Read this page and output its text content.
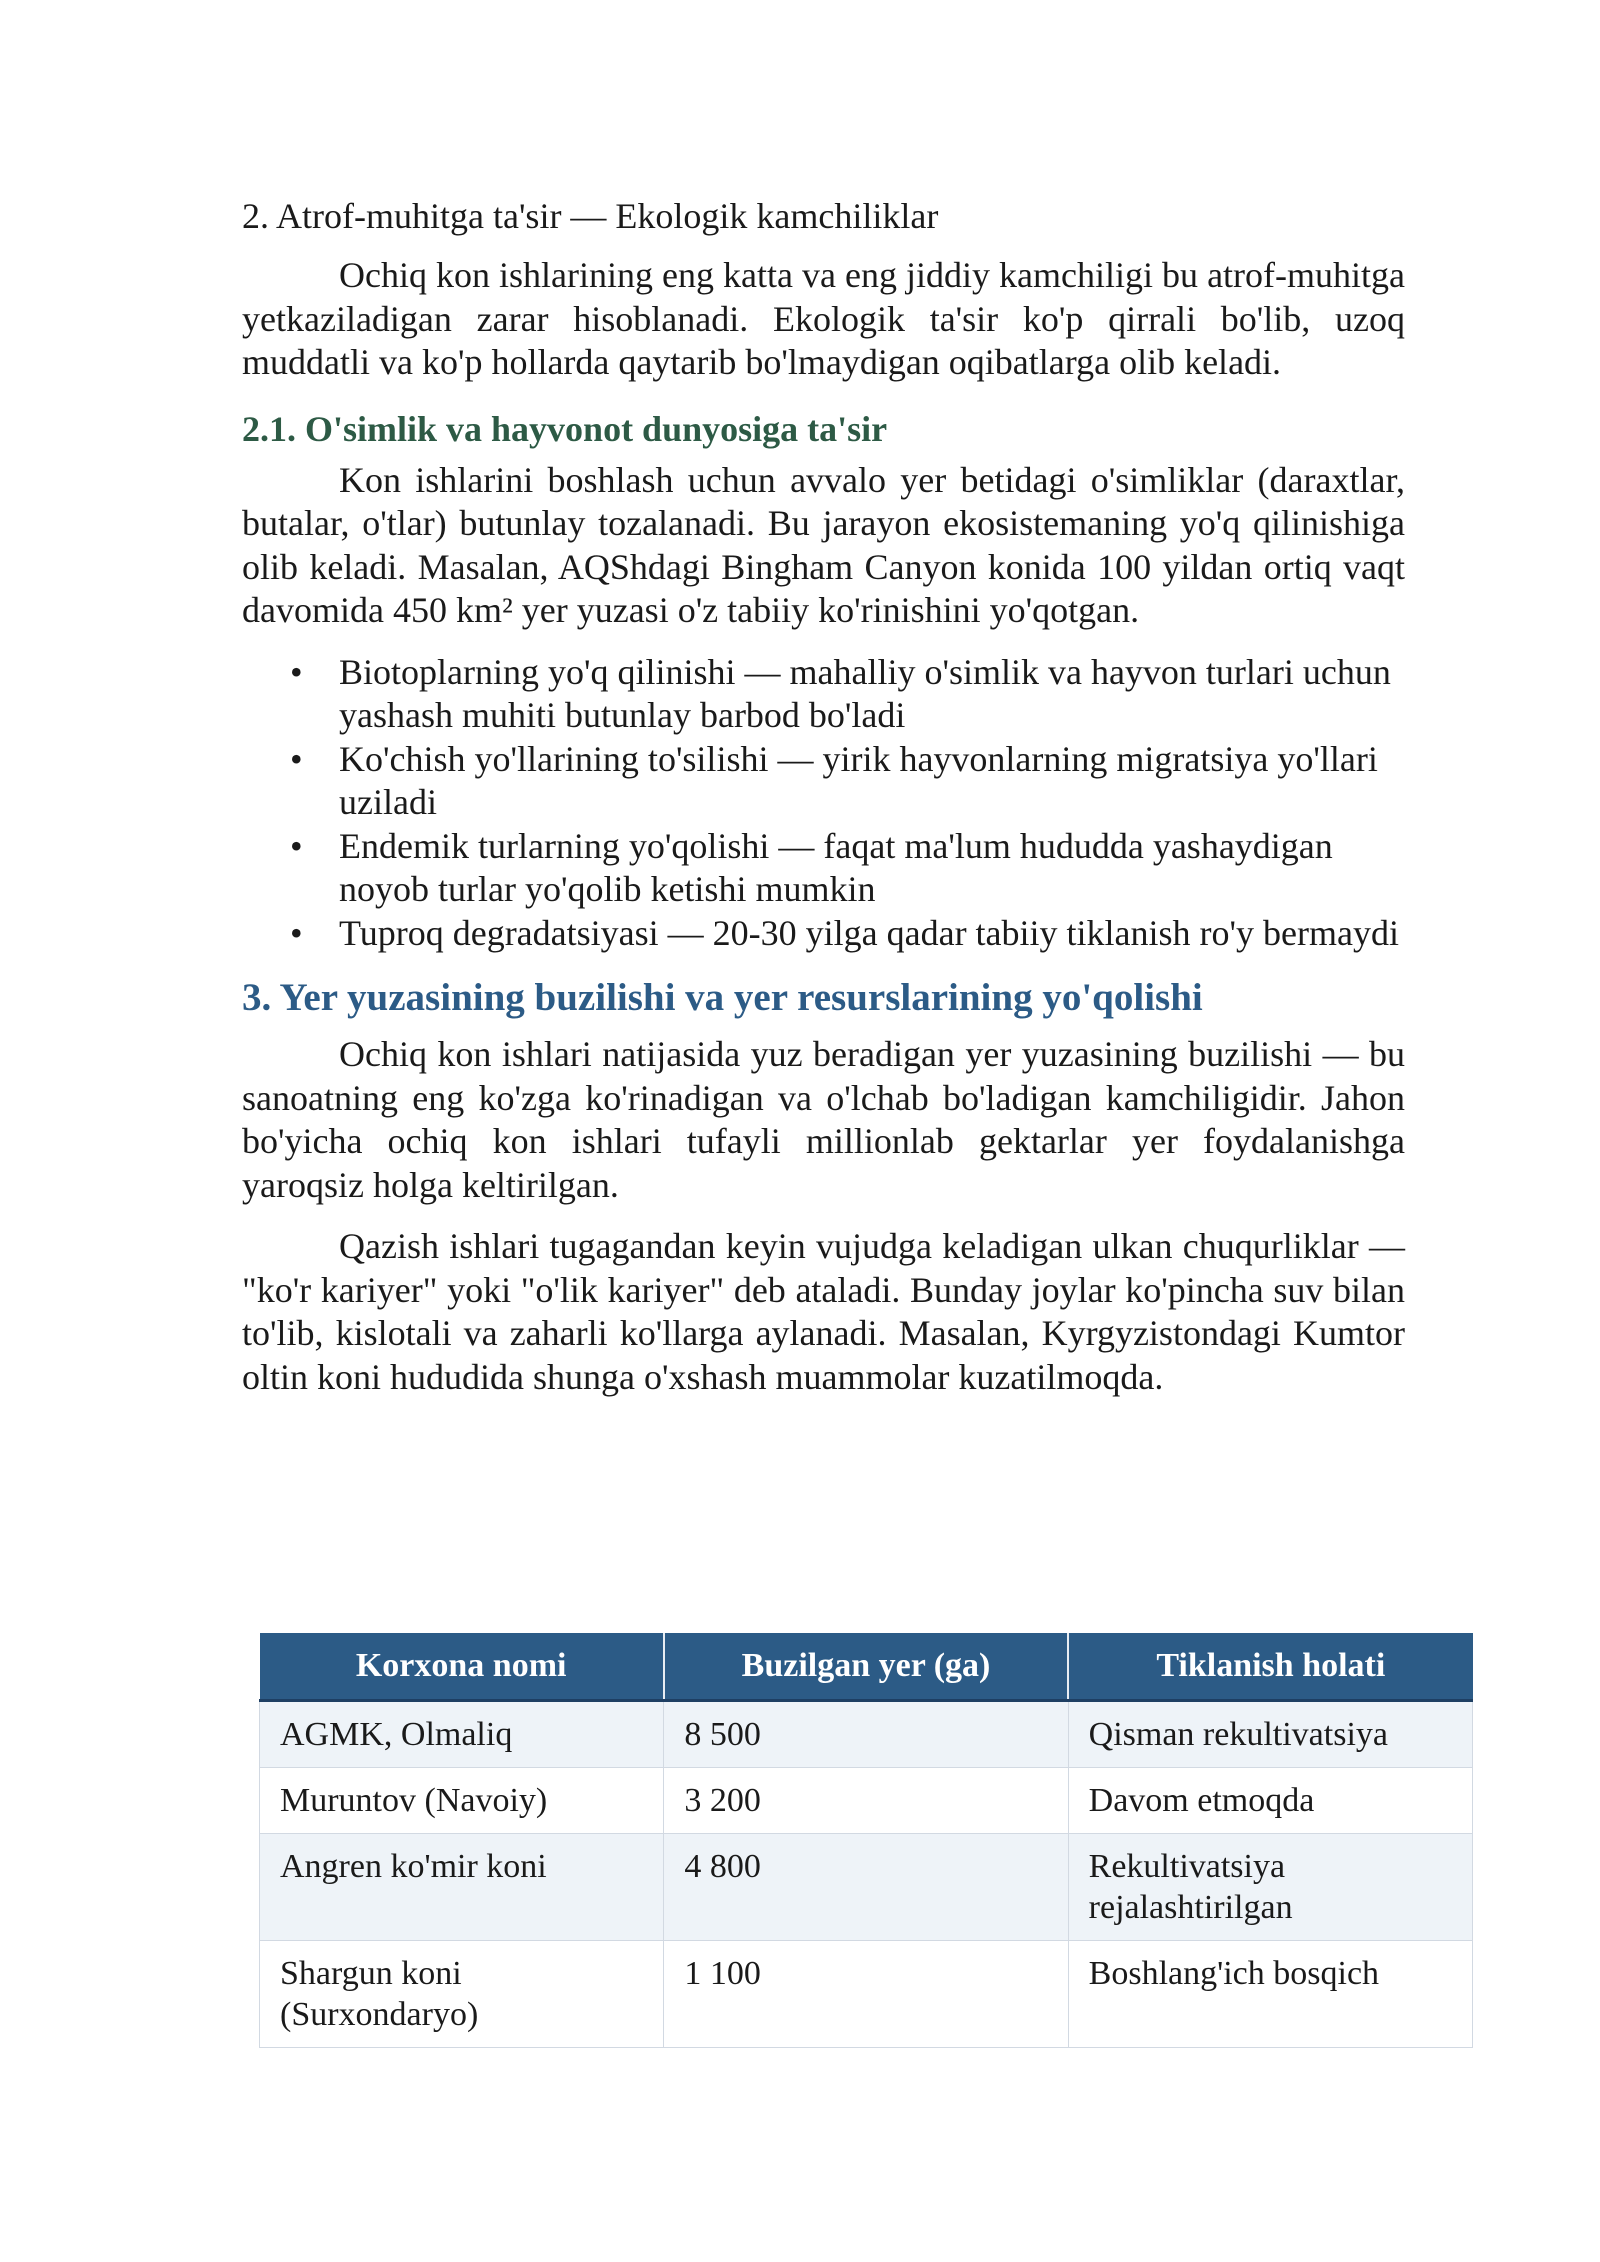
2. Atrof-muhitga ta'sir — Ekologik kamchiliklar

Ochiq kon ishlarining eng katta va eng jiddiy kamchiligi bu atrof-muhitga yetkaziladigan zarar hisoblanadi. Ekologik ta'sir ko'p qirrali bo'lib, uzoq muddatli va ko'p hollarda qaytarib bo'lmaydigan oqibatlarga olib keladi.

2.1. O'simlik va hayvonot dunyosiga ta'sir

Kon ishlarini boshlash uchun avvalo yer betidagi o'simliklar (daraxtlar, butalar, o'tlar) butunlay tozalanadi. Bu jarayon ekosistemaning yo'q qilinishiga olib keladi. Masalan, AQShdagi Bingham Canyon konida 100 yildan ortiq vaqt davomida 450 km² yer yuzasi o'z tabiiy ko'rinishini yo'qotgan.

• Biotoplarning yo'q qilinishi — mahalliy o'simlik va hayvon turlari uchun yashash muhiti butunlay barbod bo'ladi
• Ko'chish yo'llarining to'silishi — yirik hayvonlarning migratsiya yo'llari uziladi
• Endemik turlarning yo'qolishi — faqat ma'lum hududda yashaydigan noyob turlar yo'qolib ketishi mumkin
• Tuproq degradatsiyasi — 20-30 yilga qadar tabiiy tiklanish ro'y bermaydi
3. Yer yuzasining buzilishi va yer resurslarining yo'qolishi

Ochiq kon ishlari natijasida yuz beradigan yer yuzasining buzilishi — bu sanoatning eng ko'zga ko'rinadigan va o'lchab bo'ladigan kamchiligidir. Jahon bo'yicha ochiq kon ishlari tufayli millionlab gektarlar yer foydalanishga yaroqsiz holga keltirilgan.

Qazish ishlari tugagandan keyin vujudga keladigan ulkan chuqurliklar — "ko'r kariyer" yoki "o'lik kariyer" deb ataladi. Bunday joylar ko'pincha suv bilan to'lib, kislotali va zaharli ko'llarga aylanadi. Masalan, Kyrgyzistondagi Kumtor oltin koni hududida shunga o'xshash muammolar kuzatilmoqda.

Korxona nomi	Buzilgan yer (ga)	Tiklanish holati
AGMK, Olmaliq	8 500	Qisman rekultivatsiya
Muruntov (Navoiy)	3 200	Davom etmoqda
Angren ko'mir koni	4 800	Rekultivatsiya rejalashtirilgan
Shargun koni (Surxondaryo)	1 100	Boshlang'ich bosqich
